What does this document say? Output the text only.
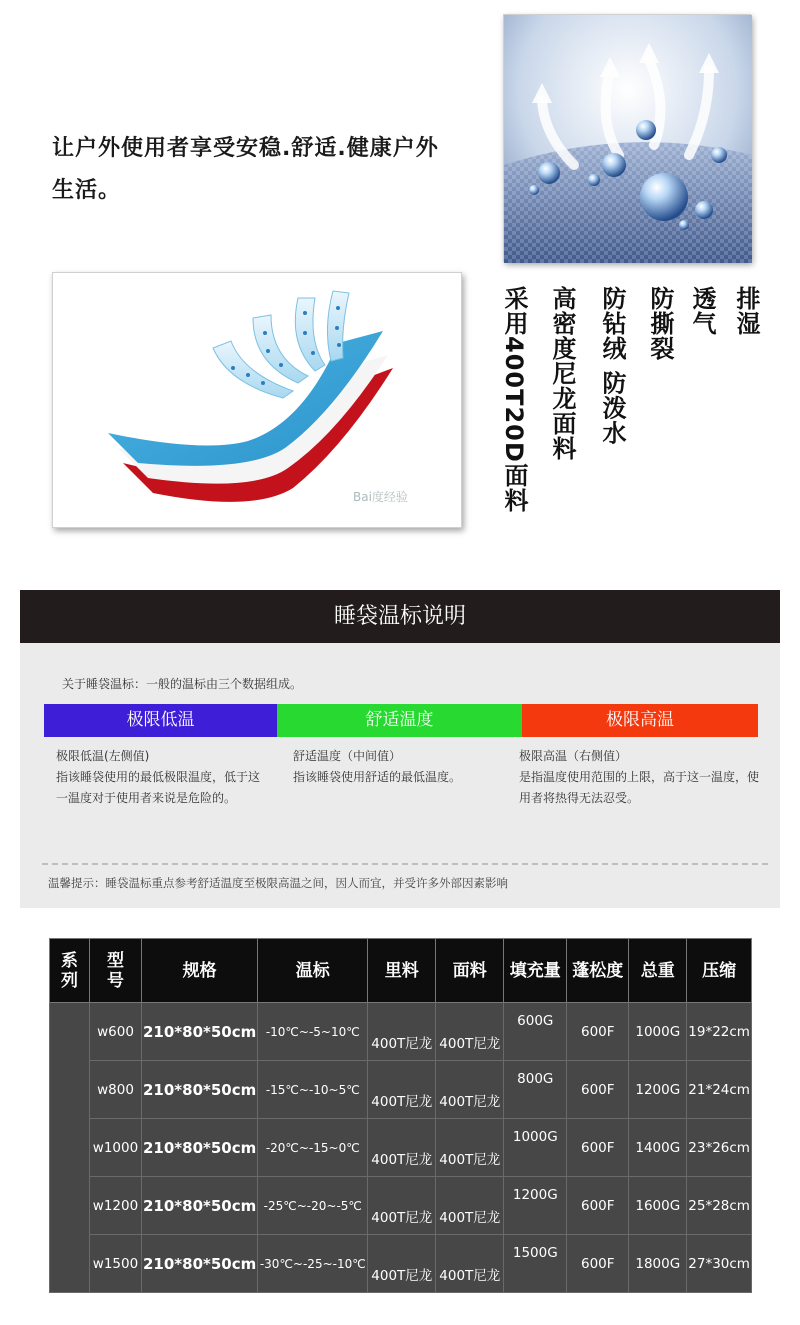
让户外使用者享受安稳.舒适.健康户外
生活。
Bai度经验
排湿
透气
防撕裂
防钻绒 防泼水
高密度尼龙面料
采用400T20D面料
睡袋温标说明
关于睡袋温标：一般的温标由三个数据组成。
极限低温	舒适温度	极限高温
极限低温(左侧值)
指该睡袋使用的最低极限温度，低于这一温度对于使用者来说是危险的。
舒适温度（中间值）
指该睡袋使用舒适的最低温度。
极限高温（右侧值）
是指温度使用范围的上限，高于这一温度，使用者将热得无法忍受。
温馨提示：睡袋温标重点参考舒适温度至极限高温之间，因人而宜，并受许多外部因素影响
系列	型号	规格	温标	里料	面料	填充量	蓬松度	总重	压缩
	w600	210*80*50cm	-10℃~-5~10℃	400T尼龙	400T尼龙	600G	600F	1000G	19*22cm
	w800	210*80*50cm	-15℃~-10~5℃	400T尼龙	400T尼龙	800G	600F	1200G	21*24cm
	w1000	210*80*50cm	-20℃~-15~0℃	400T尼龙	400T尼龙	1000G	600F	1400G	23*26cm
	w1200	210*80*50cm	-25℃~-20~-5℃	400T尼龙	400T尼龙	1200G	600F	1600G	25*28cm
	w1500	210*80*50cm	-30℃~-25~-10℃	400T尼龙	400T尼龙	1500G	600F	1800G	27*30cm
